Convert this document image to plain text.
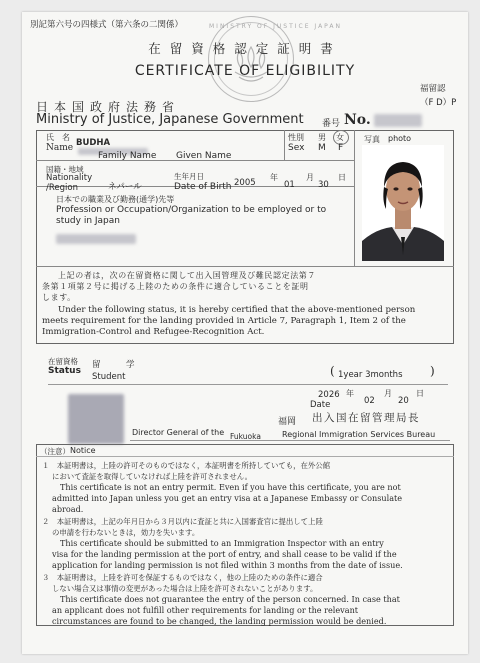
別記第六号の四様式（第六条の二関係）	MINISTRY OF JUSTICE JAPAN
在留資格認定証明書
CERTIFICATE OF ELIGIBILITY
福留認
（F D）P
日本国政府法務省
Ministry of Justice, Japanese Government 番号 No.
氏　名
Name BUDHA
Family Name Given Name
性別 男 女
Sex M F
写真 photo
国籍・地域
Nationality
/Region	ネパール
生年月日
Date of Birth 2005
年
01
月
30
日
日本での職業及び勤務(通学)先等
Profession or Occupation/Organization to be employed or to
study in Japan
上記の者は，次の在留資格に関して出入国管理及び難民認定法第７
条第１項第２号に掲げる上陸のための条件に適合していることを証明
します。
Under the following status, it is hereby certified that the above-mentioned person
meets requirement for the landing provided in Article 7, Paragraph 1, Item 2 of the
Immigration-Control and Refugee-Recognition Act.
在留資格
Status
留　　　学
Student	( 1year 3months )
2026
Date
年
02
月
20
日
福岡 出入国在留管理局長
Director General of the Fukuoka	Regional Immigration Services Bureau
（注意） Notice
１　本証明書は，上陸の許可そのものではなく，本証明書を所持していても，在外公館
において査証を取得していなければ上陸を許可されません。
This certificate is not an entry permit. Even if you have this certificate, you are not
admitted into Japan unless you get an entry visa at a Japanese Embassy or Consulate
abroad.
２　本証明書は，上記の年月日から３月以内に査証と共に入国審査官に提出して上陸
の申請を行わないときは，効力を失います。
This certificate should be submitted to an Immigration Inspector with an entry
visa for the landing permission at the port of entry, and shall cease to be valid if the
application for landing permission is not filed within 3 months from the date of issue.
３　本証明書は，上陸を許可を保証するものではなく，他の上陸のための条件に適合
しない場合又は事情の変更があった場合は上陸を許可されないことがあります。
This certificate does not guarantee the entry of the person concerned. In case that
an applicant does not fulfill other requirements for landing or the relevant
circumstances are found to be changed, the landing permission would be denied.
